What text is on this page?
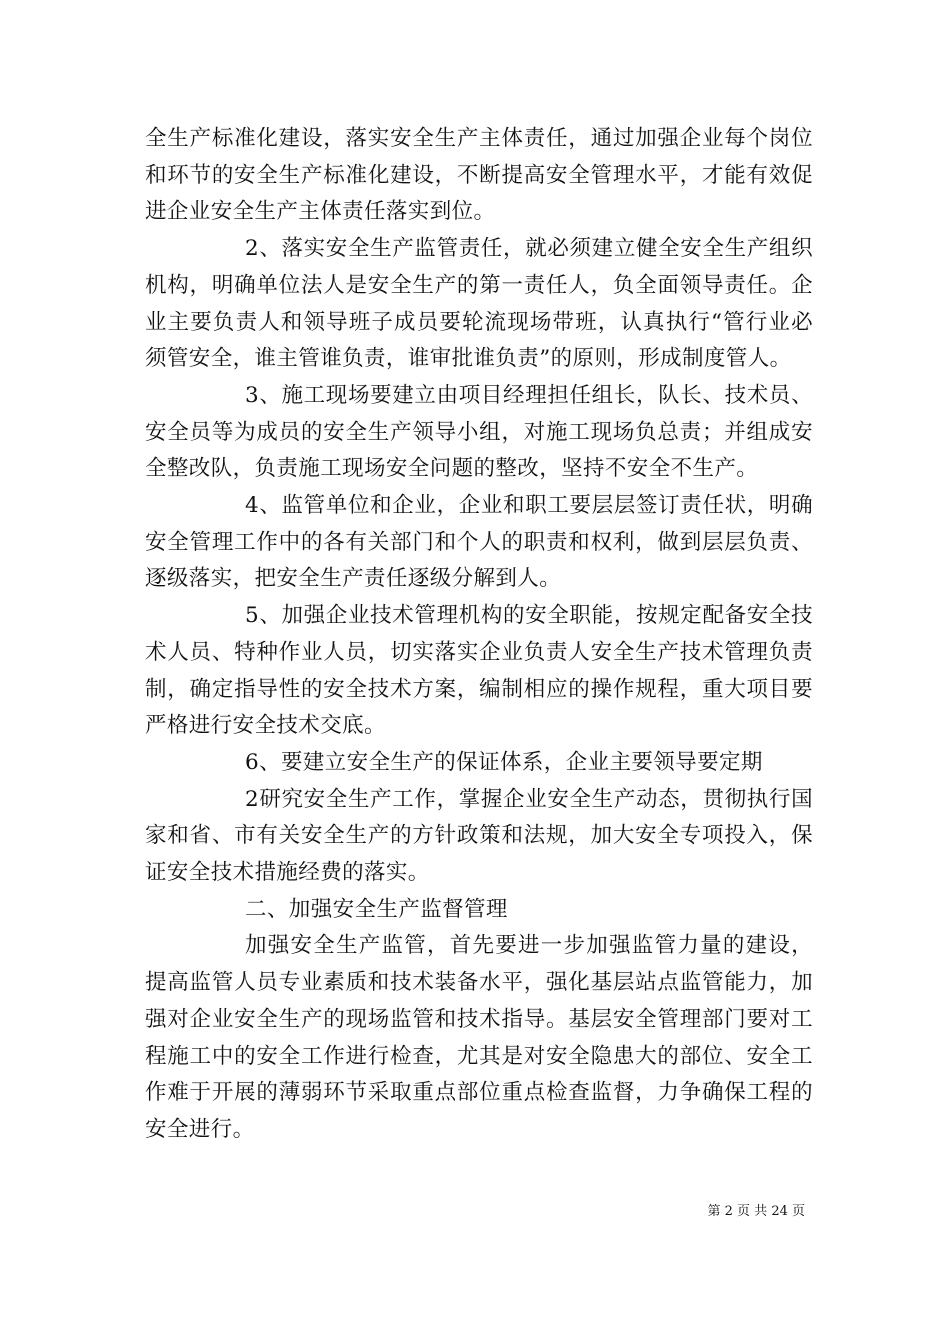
全生产标准化建设，落实安全生产主体责任，通过加强企业每个岗位和环节的安全生产标准化建设，不断提高安全管理水平，才能有效促进企业安全生产主体责任落实到位。

2、落实安全生产监管责任，就必须建立健全安全生产组织机构，明确单位法人是安全生产的第一责任人，负全面领导责任。企业主要负责人和领导班子成员要轮流现场带班，认真执行“管行业必须管安全，谁主管谁负责，谁审批谁负责”的原则，形成制度管人。

3、施工现场要建立由项目经理担任组长，队长、技术员、安全员等为成员的安全生产领导小组，对施工现场负总责；并组成安全整改队，负责施工现场安全问题的整改，坚持不安全不生产。

4、监管单位和企业，企业和职工要层层签订责任状，明确安全管理工作中的各有关部门和个人的职责和权利，做到层层负责、逐级落实，把安全生产责任逐级分解到人。

5、加强企业技术管理机构的安全职能，按规定配备安全技术人员、特种作业人员，切实落实企业负责人安全生产技术管理负责制，确定指导性的安全技术方案，编制相应的操作规程，重大项目要严格进行安全技术交底。

6、要建立安全生产的保证体系，企业主要领导要定期

2研究安全生产工作，掌握企业安全生产动态，贯彻执行国家和省、市有关安全生产的方针政策和法规，加大安全专项投入，保证安全技术措施经费的落实。

二、加强安全生产监督管理

加强安全生产监管，首先要进一步加强监管力量的建设，提高监管人员专业素质和技术装备水平，强化基层站点监管能力，加强对企业安全生产的现场监管和技术指导。基层安全管理部门要对工程施工中的安全工作进行检查，尤其是对安全隐患大的部位、安全工作难于开展的薄弱环节采取重点部位重点检查监督，力争确保工程的安全进行。

第 2 页 共 24 页
